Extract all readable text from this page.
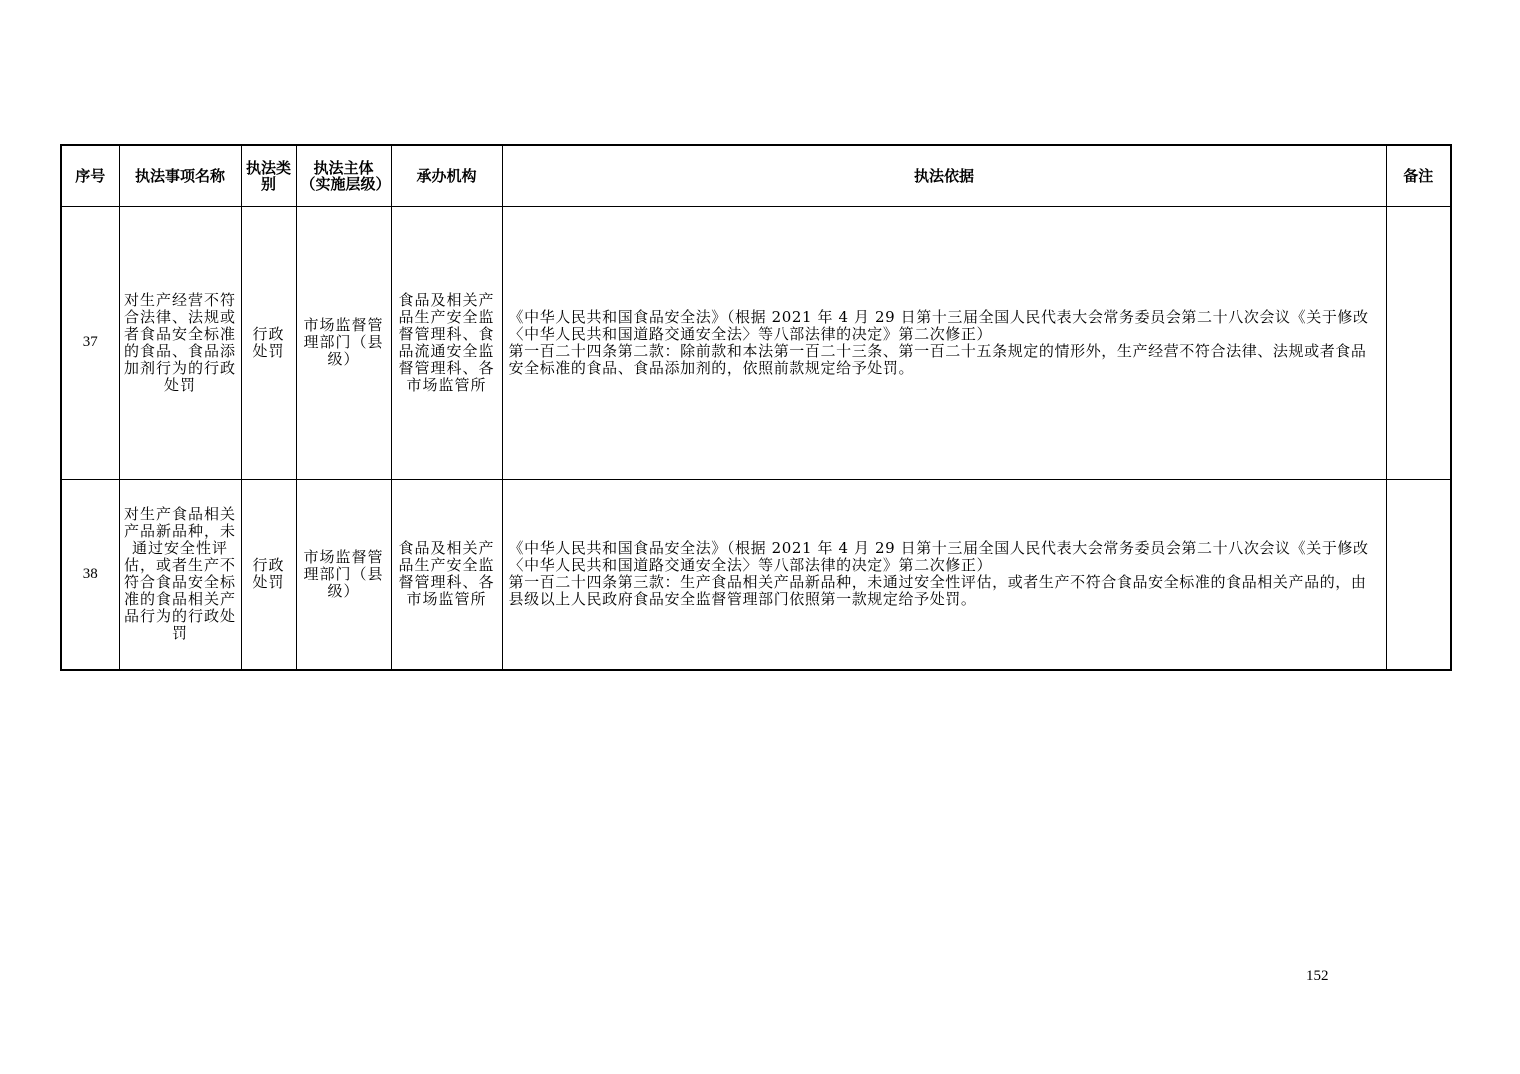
序号	执法事项名称	执法类别	执法主体（实施层级）	承办机构	执法依据	备注
37	对生产经营不符合法律、法规或者食品安全标准的食品、食品添加剂行为的行政处罚	行政处罚	市场监督管理部门（县级）	食品及相关产品生产安全监督管理科、食品流通安全监督管理科、各市场监管所	《中华人民共和国食品安全法》（根据 2021 年 4 月 29 日第十三届全国人民代表大会常务委员会第二十八次会议《关于修改〈中华人民共和国道路交通安全法〉等八部法律的决定》第二次修正）
第一百二十四条第二款：除前款和本法第一百二十三条、第一百二十五条规定的情形外，生产经营不符合法律、法规或者食品安全标准的食品、食品添加剂的，依照前款规定给予处罚。	

38	对生产食品相关产品新品种，未通过安全性评估，或者生产不符合食品安全标准的食品相关产品行为的行政处罚	行政处罚	市场监督管理部门（县级）	食品及相关产品生产安全监督管理科、各市场监管所	《中华人民共和国食品安全法》（根据 2021 年 4 月 29 日第十三届全国人民代表大会常务委员会第二十八次会议《关于修改〈中华人民共和国道路交通安全法〉等八部法律的决定》第二次修正）
第一百二十四条第三款：生产食品相关产品新品种，未通过安全性评估，或者生产不符合食品安全标准的食品相关产品的，由县级以上人民政府食品安全监督管理部门依照第一款规定给予处罚。	

152
